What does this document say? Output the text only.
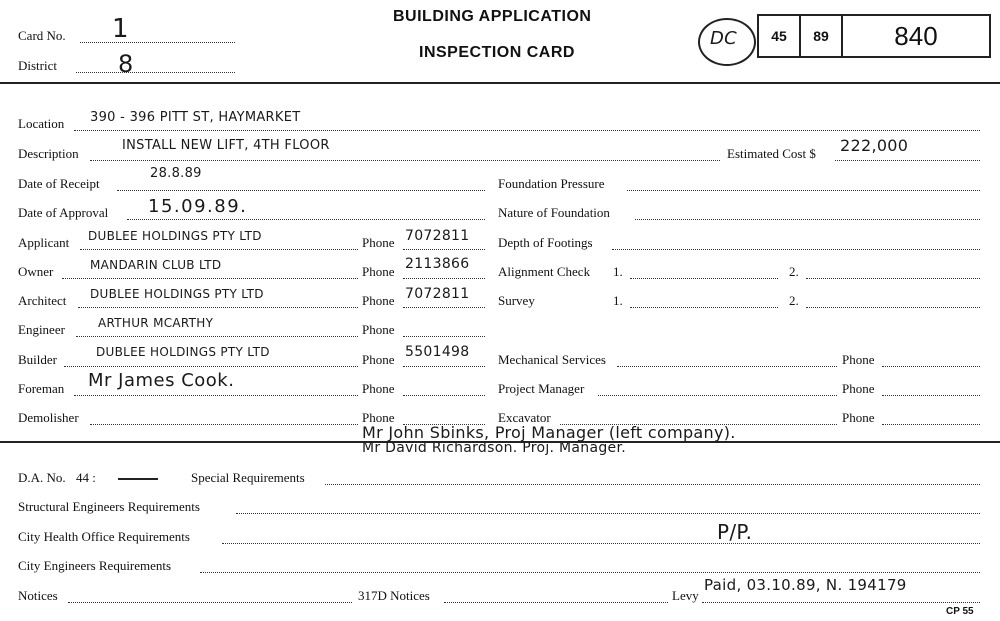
Card No. 1
District	8
BUILDING APPLICATION
INSPECTION CARD
DC	45	89	840
Location 390 - 396 PITT ST, HAYMARKET
Description
INSTALL NEW LIFT, 4TH FLOOR
Estimated Cost $ 222,000
Date of Receipt
28.8.89
Date of Approval 15.09.89.
Applicant DUBLEE HOLDINGS PTY LTD	Phone 7072811
Owner	MANDARIN CLUB LTD	Phone 2113866
Architect DUBLEE HOLDINGS PTY LTD	Phone 7072811
Engineer	ARTHUR MCARTHY	Phone
Builder	DUBLEE HOLDINGS PTY LTD	Phone 5501498
Foreman Mr James Cook.	Phone
Demolisher	Phone
Foundation Pressure
Nature of Foundation
Depth of Footings
Alignment Check 1.	2.
Survey	1.	2.
Mechanical Services	Phone
Project Manager	Phone
Excavator	Phone
Mr John Sbinks, Proj Manager (left company).
Mr David Richardson. Proj. Manager.
D.A. No. 44 :	Special Requirements
Structural Engineers Requirements
City Health Office Requirements	P/P.
City Engineers Requirements
Notices	317D Notices	Levy
Paid, 03.10.89, N. 194179
CP 55
